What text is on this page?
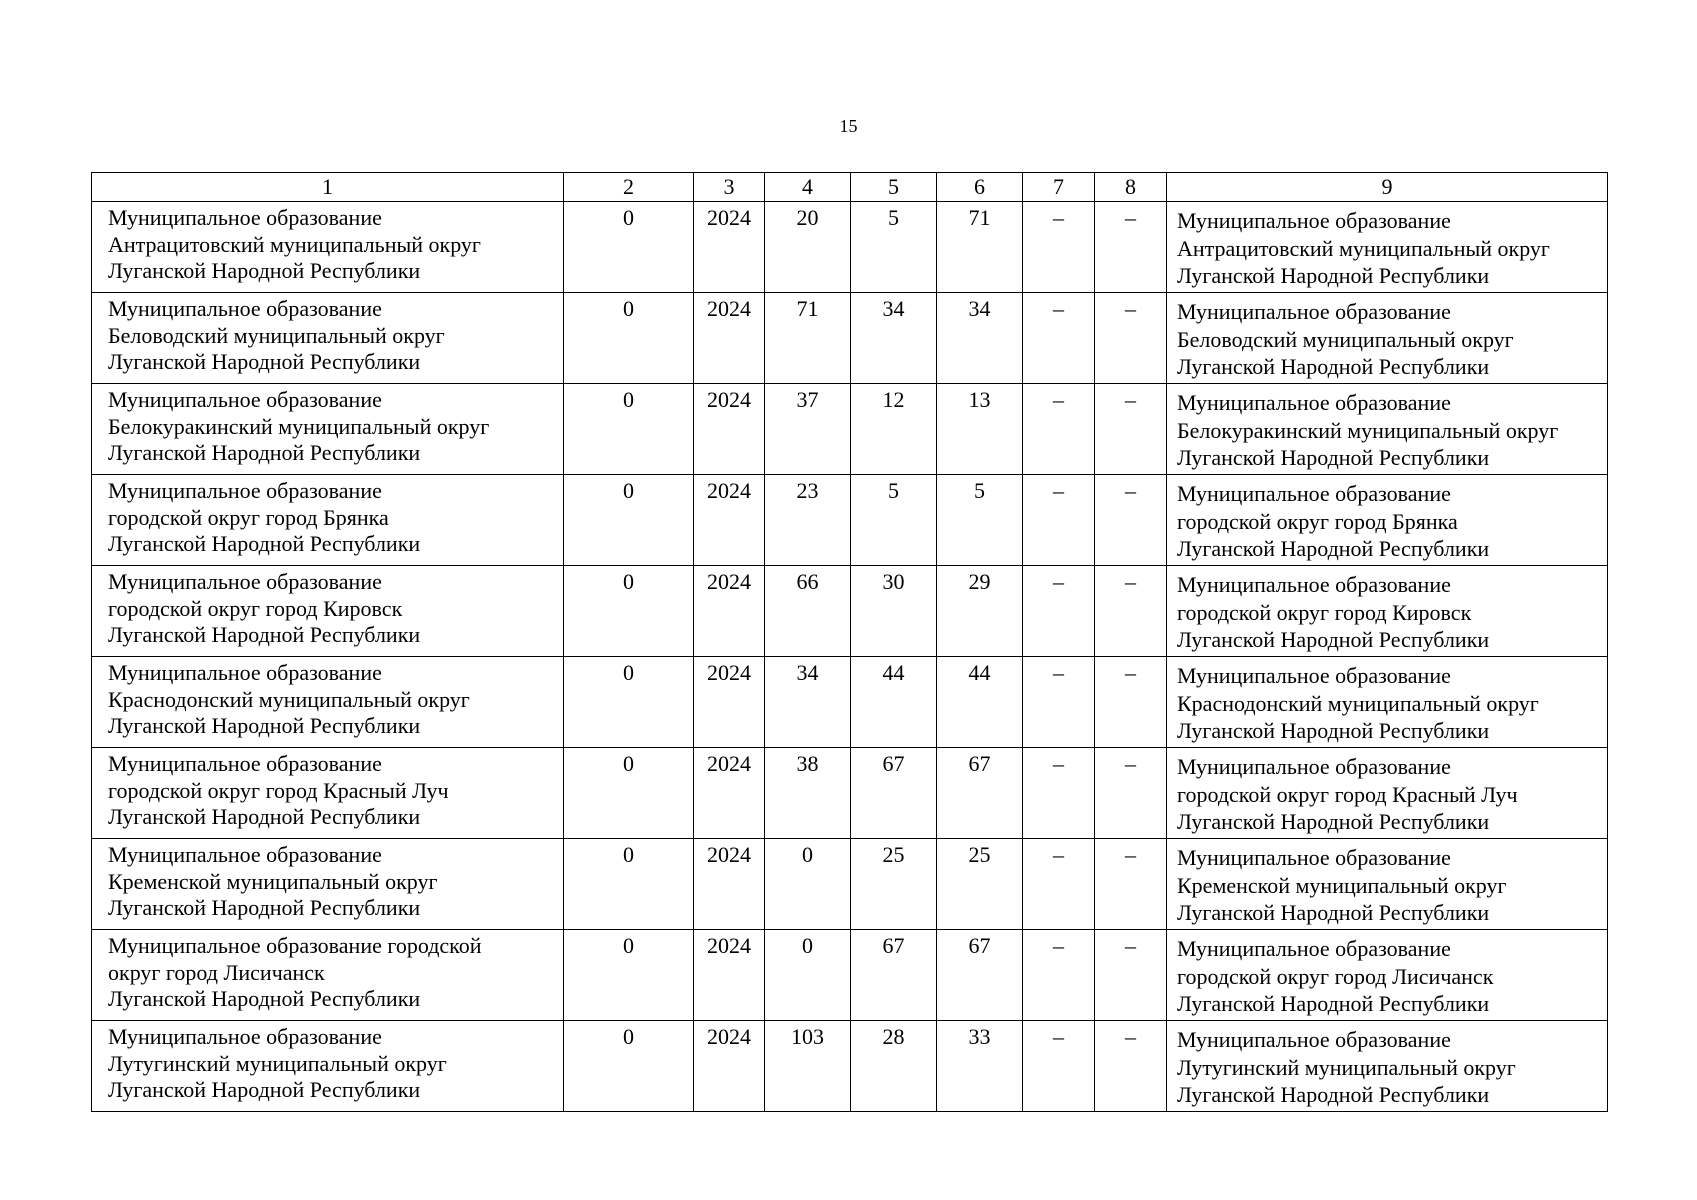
15
1	2	3	4	5	6	7	8	9

Муниципальное образование
Антрацитовский муниципальный округ
Луганской Народной Республики	0	2024	20	5	71	–	–	Муниципальное образование
Антрацитовский муниципальный округ
Луганской Народной Республики

Муниципальное образование
Беловодский муниципальный округ
Луганской Народной Республики	0	2024	71	34	34	–	–	Муниципальное образование
Беловодский муниципальный округ
Луганской Народной Республики

Муниципальное образование
Белокуракинский муниципальный округ
Луганской Народной Республики	0	2024	37	12	13	–	–	Муниципальное образование
Белокуракинский муниципальный округ
Луганской Народной Республики

Муниципальное образование
городской округ город Брянка
Луганской Народной Республики	0	2024	23	5	5	–	–	Муниципальное образование
городской округ город Брянка
Луганской Народной Республики

Муниципальное образование
городской округ город Кировск
Луганской Народной Республики	0	2024	66	30	29	–	–	Муниципальное образование
городской округ город Кировск
Луганской Народной Республики

Муниципальное образование
Краснодонский муниципальный округ
Луганской Народной Республики	0	2024	34	44	44	–	–	Муниципальное образование
Краснодонский муниципальный округ
Луганской Народной Республики

Муниципальное образование
городской округ город Красный Луч
Луганской Народной Республики	0	2024	38	67	67	–	–	Муниципальное образование
городской округ город Красный Луч
Луганской Народной Республики

Муниципальное образование
Кременской муниципальный округ
Луганской Народной Республики	0	2024	0	25	25	–	–	Муниципальное образование
Кременской муниципальный округ
Луганской Народной Республики

Муниципальное образование городской
округ город Лисичанск
Луганской Народной Республики	0	2024	0	67	67	–	–	Муниципальное образование
городской округ город Лисичанск
Луганской Народной Республики

Муниципальное образование
Лутугинский муниципальный округ
Луганской Народной Республики	0	2024	103	28	33	–	–	Муниципальное образование
Лутугинский муниципальный округ
Луганской Народной Республики
